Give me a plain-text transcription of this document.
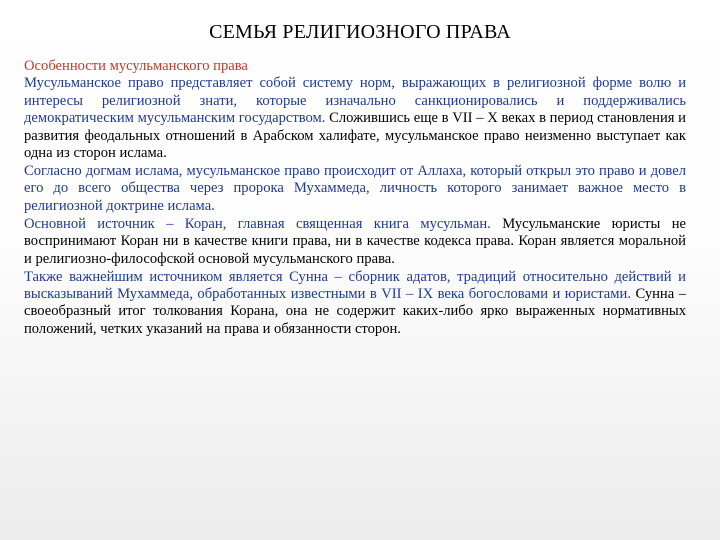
СЕМЬЯ РЕЛИГИОЗНОГО ПРАВА

Особенности мусульманского права

Мусульманское право представляет собой систему норм, выражающих в религиозной форме волю и интересы религиозной знати, которые изначально санкционировались и поддерживались демократическим мусульманским государством. Сложившись еще в VII – X веках в период становления и развития феодальных отношений в Арабском халифате, мусульманское право неизменно выступает как одна из сторон ислама.

Согласно догмам ислама, мусульманское право происходит от Аллаха, который открыл это право и довел его до всего общества через пророка Мухаммеда, личность которого занимает важное место в религиозной доктрине ислама.

Основной источник – Коран, главная священная книга мусульман. Мусульманские юристы не воспринимают Коран ни в качестве книги права, ни в качестве кодекса права. Коран является моральной и религиозно-философской основой мусульманского права.

Также важнейшим источником является Сунна – сборник адатов, традиций относительно действий и высказываний Мухаммеда, обработанных известными в VII – IX века богословами и юристами. Сунна – своеобразный итог толкования Корана, она не содержит каких-либо ярко выраженных нормативных положений, четких указаний на права и обязанности сторон.
